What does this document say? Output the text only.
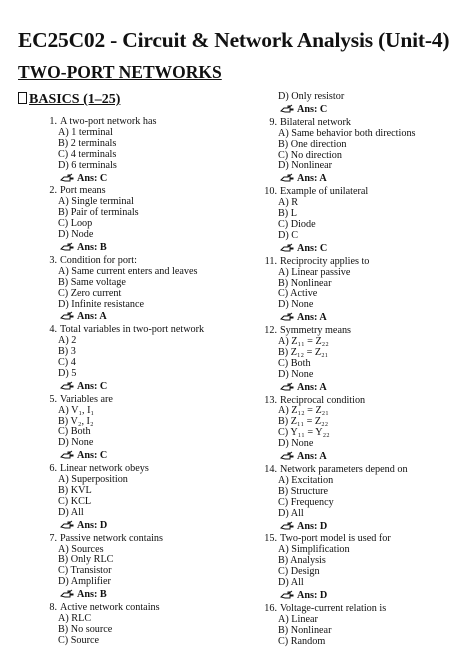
EC25C02 - Circuit & Network Analysis (Unit-4)
TWO-PORT NETWORKS
BASICS (1–25)
1. A two-port network has
A) 1 terminal
B) 2 terminals
C) 4 terminals
D) 6 terminals
Ans: C
2. Port means
A) Single terminal
B) Pair of terminals
C) Loop
D) Node
Ans: B
3. Condition for port:
A) Same current enters and leaves
B) Same voltage
C) Zero current
D) Infinite resistance
Ans: A
4. Total variables in two-port network
A) 2
B) 3
C) 4
D) 5
Ans: C
5. Variables are
A) V₁, I₁
B) V₂, I₂
C) Both
D) None
Ans: C
6. Linear network obeys
A) Superposition
B) KVL
C) KCL
D) All
Ans: D
7. Passive network contains
A) Sources
B) Only RLC
C) Transistor
D) Amplifier
Ans: B
8. Active network contains
A) RLC
B) No source
C) Source
D) Only resistor
Ans: C
9. Bilateral network
A) Same behavior both directions
B) One direction
C) No direction
D) Nonlinear
Ans: A
10. Example of unilateral
A) R
B) L
C) Diode
D) C
Ans: C
11. Reciprocity applies to
A) Linear passive
B) Nonlinear
C) Active
D) None
Ans: A
12. Symmetry means
A) Z₁₁ = Z₂₂
B) Z₁₂ = Z₂₁
C) Both
D) None
Ans: A
13. Reciprocal condition
A) Z₁₂ = Z₂₁
B) Z₁₁ = Z₂₂
C) Y₁₁ = Y₂₂
D) None
Ans: A
14. Network parameters depend on
A) Excitation
B) Structure
C) Frequency
D) All
Ans: D
15. Two-port model is used for
A) Simplification
B) Analysis
C) Design
D) All
Ans: D
16. Voltage-current relation is
A) Linear
B) Nonlinear
C) Random
